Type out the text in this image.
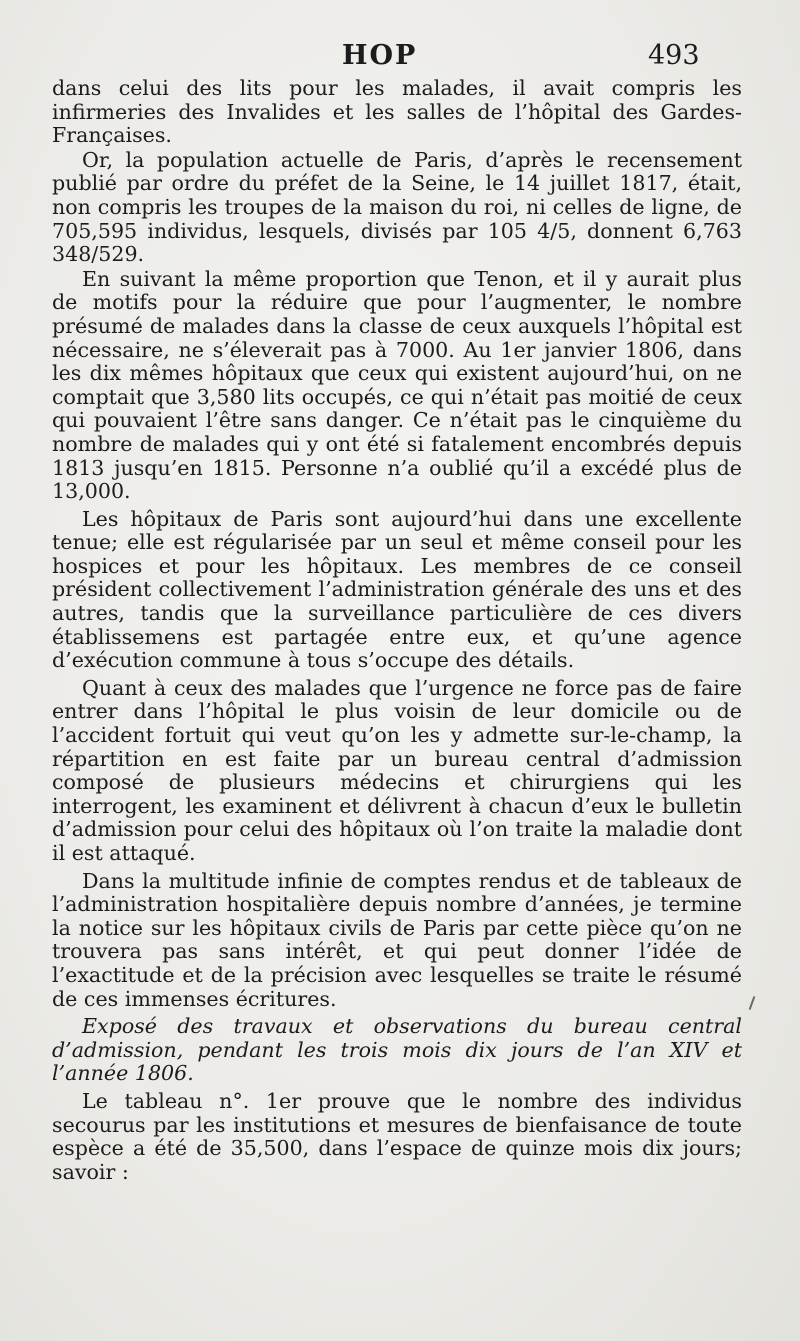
HOP	493

dans celui des lits pour les malades, il avait compris les infirmeries des Invalides et les salles de l’hôpital des Gardes-Françaises.

Or, la population actuelle de Paris, d’après le recensement publié par ordre du préfet de la Seine, le 14 juillet 1817, était, non compris les troupes de la maison du roi, ni celles de ligne, de 705,595 individus, lesquels, divisés par 105 4/5, donnent 6,763 348/529.

En suivant la même proportion que Tenon, et il y aurait plus de motifs pour la réduire que pour l’augmenter, le nombre présumé de malades dans la classe de ceux auxquels l’hôpital est nécessaire, ne s’éleverait pas à 7000. Au 1er janvier 1806, dans les dix mêmes hôpitaux que ceux qui existent aujourd’hui, on ne comptait que 3,580 lits occupés, ce qui n’était pas moitié de ceux qui pouvaient l’être sans danger. Ce n’était pas le cinquième du nombre de malades qui y ont été si fatalement encombrés depuis 1813 jusqu’en 1815. Personne n’a oublié qu’il a excédé plus de 13,000.

Les hôpitaux de Paris sont aujourd’hui dans une excellente tenue; elle est régularisée par un seul et même conseil pour les hospices et pour les hôpitaux. Les membres de ce conseil président collectivement l’administration générale des uns et des autres, tandis que la surveillance particulière de ces divers établissemens est partagée entre eux, et qu’une agence d’exécution commune à tous s’occupe des détails.

Quant à ceux des malades que l’urgence ne force pas de faire entrer dans l’hôpital le plus voisin de leur domicile ou de l’accident fortuit qui veut qu’on les y admette sur-le-champ, la répartition en est faite par un bureau central d’admission composé de plusieurs médecins et chirurgiens qui les interrogent, les examinent et délivrent à chacun d’eux le bulletin d’admission pour celui des hôpitaux où l’on traite la maladie dont il est attaqué.

Dans la multitude infinie de comptes rendus et de tableaux de l’administration hospitalière depuis nombre d’années, je termine la notice sur les hôpitaux civils de Paris par cette pièce qu’on ne trouvera pas sans intérêt, et qui peut donner l’idée de l’exactitude et de la précision avec lesquelles se traite le résumé de ces immenses écritures.

Exposé des travaux et observations du bureau central d’admission, pendant les trois mois dix jours de l’an XIV et l’année 1806.

Le tableau n°. 1er prouve que le nombre des individus secourus par les institutions et mesures de bienfaisance de toute espèce a été de 35,500, dans l’espace de quinze mois dix jours; savoir :
